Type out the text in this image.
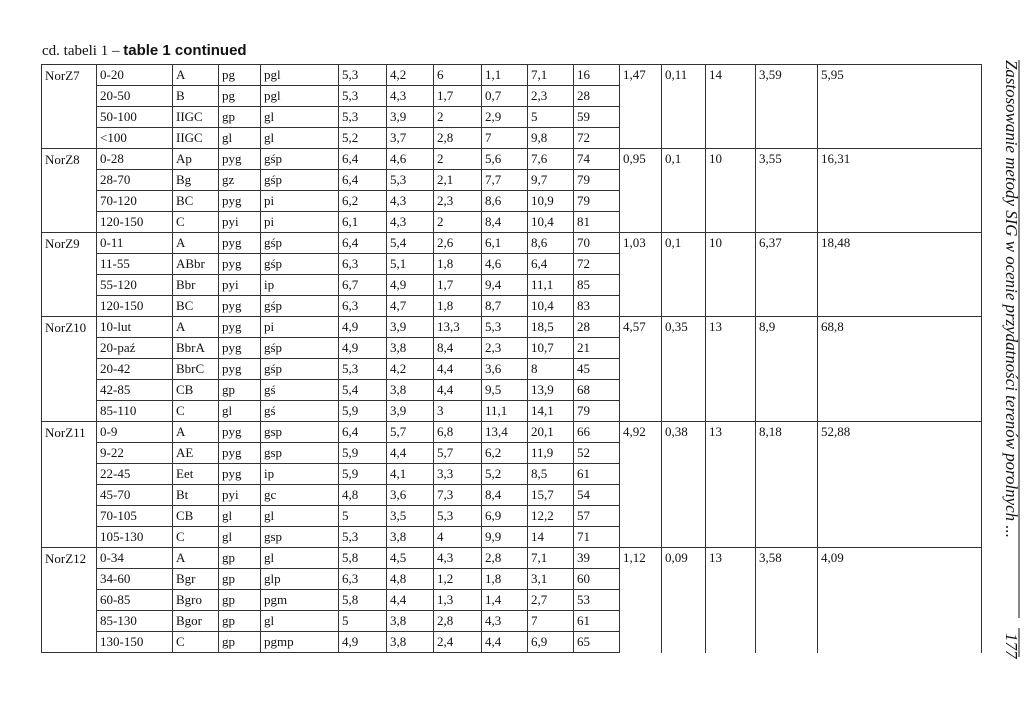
cd. tabeli 1 – table 1 continued
NorZ7	0-20	A	pg	pgl	5,3	4,2	6	1,1	7,1	16	1,47	0,11	14	3,59	5,95
	20-50	B	pg	pgl	5,3	4,3	1,7	0,7	2,3	28					
	50-100	IIGC	gp	gl	5,3	3,9	2	2,9	5	59					
	<100	IIGC	gl	gl	5,2	3,7	2,8	7	9,8	72					
NorZ8	0-28	Ap	pyg	gśp	6,4	4,6	2	5,6	7,6	74	0,95	0,1	10	3,55	16,31
	28-70	Bg	gz	gśp	6,4	5,3	2,1	7,7	9,7	79					
	70-120	BC	pyg	pi	6,2	4,3	2,3	8,6	10,9	79					
	120-150	C	pyi	pi	6,1	4,3	2	8,4	10,4	81					
NorZ9	0-11	A	pyg	gśp	6,4	5,4	2,6	6,1	8,6	70	1,03	0,1	10	6,37	18,48
	11-55	ABbr	pyg	gśp	6,3	5,1	1,8	4,6	6,4	72					
	55-120	Bbr	pyi	ip	6,7	4,9	1,7	9,4	11,1	85					
	120-150	BC	pyg	gśp	6,3	4,7	1,8	8,7	10,4	83					
NorZ10	10-lut	A	pyg	pi	4,9	3,9	13,3	5,3	18,5	28	4,57	0,35	13	8,9	68,8
	20-paź	BbrA	pyg	gśp	4,9	3,8	8,4	2,3	10,7	21					
	20-42	BbrC	pyg	gśp	5,3	4,2	4,4	3,6	8	45					
	42-85	CB	gp	gś	5,4	3,8	4,4	9,5	13,9	68					
	85-110	C	gl	gś	5,9	3,9	3	11,1	14,1	79					
NorZ11	0-9	A	pyg	gsp	6,4	5,7	6,8	13,4	20,1	66	4,92	0,38	13	8,18	52,88
	9-22	AE	pyg	gsp	5,9	4,4	5,7	6,2	11,9	52					
	22-45	Eet	pyg	ip	5,9	4,1	3,3	5,2	8,5	61					
	45-70	Bt	pyi	gc	4,8	3,6	7,3	8,4	15,7	54					
	70-105	CB	gl	gl	5	3,5	5,3	6,9	12,2	57					
	105-130	C	gl	gsp	5,3	3,8	4	9,9	14	71					
NorZ12	0-34	A	gp	gl	5,8	4,5	4,3	2,8	7,1	39	1,12	0,09	13	3,58	4,09
	34-60	Bgr	gp	glp	6,3	4,8	1,2	1,8	3,1	60					
	60-85	Bgro	gp	pgm	5,8	4,4	1,3	1,4	2,7	53					
	85-130	Bgor	gp	gl	5	3,8	2,8	4,3	7	61					
	130-150	C	gp	pgmp	4,9	3,8	2,4	4,4	6,9	65					
Zastosowanie metody SIG w ocenie przydatności terenów porolnych ...
177
